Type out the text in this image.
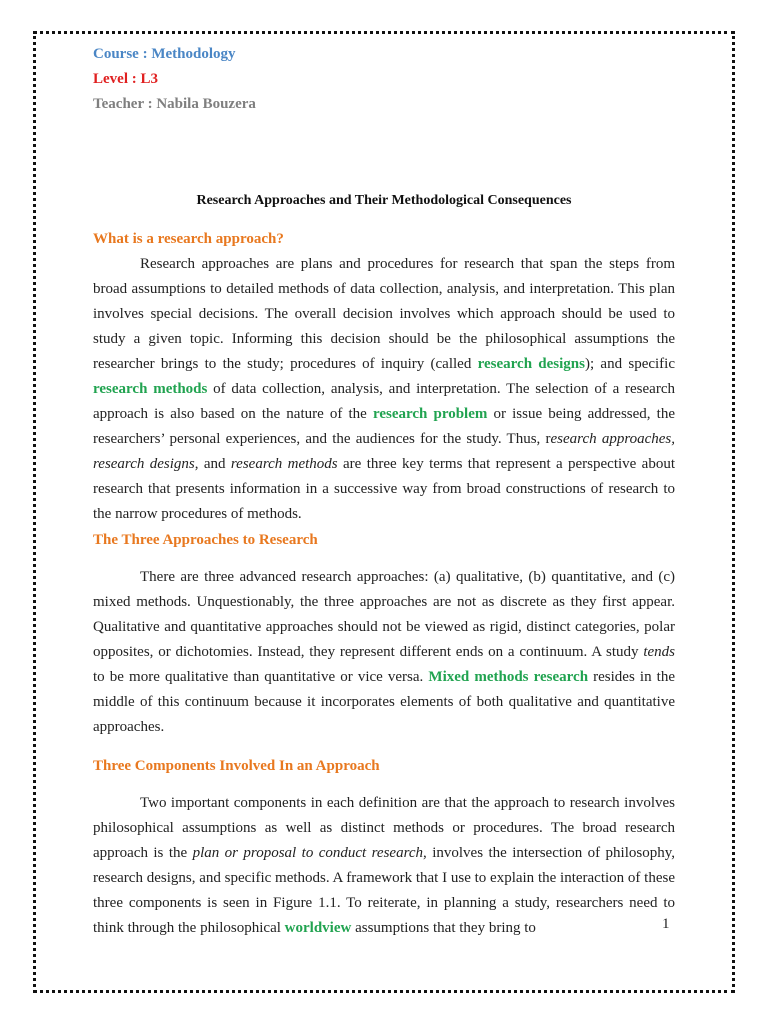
Course : Methodology
Level : L3
Teacher : Nabila Bouzera
Research Approaches and Their Methodological Consequences
What is a research approach?

Research approaches are plans and procedures for research that span the steps from broad assumptions to detailed methods of data collection, analysis, and interpretation. This plan involves special decisions. The overall decision involves which approach should be used to study a given topic. Informing this decision should be the philosophical assumptions the researcher brings to the study; procedures of inquiry (called research designs); and specific research methods of data collection, analysis, and interpretation. The selection of a research approach is also based on the nature of the research problem or issue being addressed, the researchers’ personal experiences, and the audiences for the study. Thus, research approaches, research designs, and research methods are three key terms that represent a perspective about research that presents information in a successive way from broad constructions of research to the narrow procedures of methods.

The Three Approaches to Research

There are three advanced research approaches: (a) qualitative, (b) quantitative, and (c) mixed methods. Unquestionably, the three approaches are not as discrete as they first appear. Qualitative and quantitative approaches should not be viewed as rigid, distinct categories, polar opposites, or dichotomies. Instead, they represent different ends on a continuum. A study tends to be more qualitative than quantitative or vice versa. Mixed methods research resides in the middle of this continuum because it incorporates elements of both qualitative and quantitative approaches.

Three Components Involved In an Approach

Two important components in each definition are that the approach to research involves philosophical assumptions as well as distinct methods or procedures. The broad research approach is the plan or proposal to conduct research, involves the intersection of philosophy, research designs, and specific methods. A framework that I use to explain the interaction of these three components is seen in Figure 1.1. To reiterate, in planning a study, researchers need to think through the philosophical worldview assumptions that they bring to	1
